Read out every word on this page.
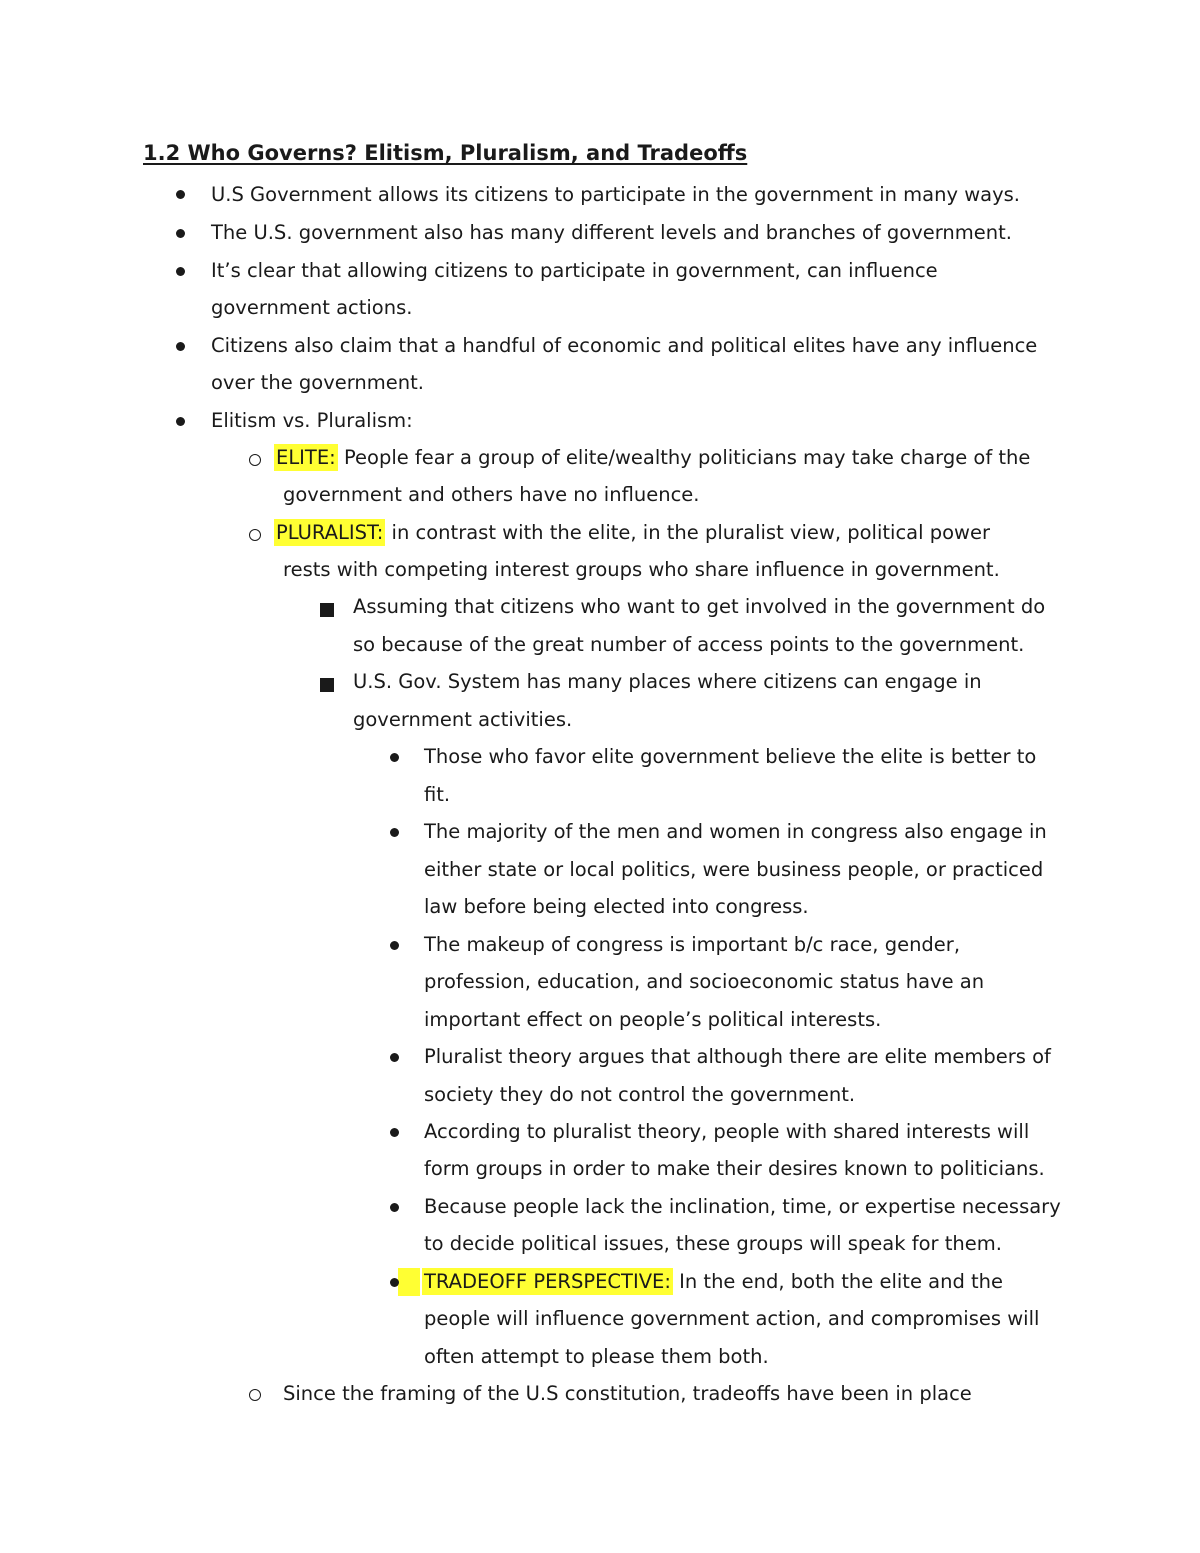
1.2 Who Governs? Elitism, Pluralism, and Tradeoffs
U.S Government allows its citizens to participate in the government in many ways.
The U.S. government also has many different levels and branches of government.
It’s clear that allowing citizens to participate in government, can influence
government actions.
Citizens also claim that a handful of economic and political elites have any influence
over the government.
Elitism vs. Pluralism:
ELITE: People fear a group of elite/wealthy politicians may take charge of the
government and others have no influence.
PLURALIST: in contrast with the elite, in the pluralist view, political power
rests with competing interest groups who share influence in government.
Assuming that citizens who want to get involved in the government do
so because of the great number of access points to the government.
U.S. Gov. System has many places where citizens can engage in
government activities.
Those who favor elite government believe the elite is better to
fit.
The majority of the men and women in congress also engage in
either state or local politics, were business people, or practiced
law before being elected into congress.
The makeup of congress is important b/c race, gender,
profession, education, and socioeconomic status have an
important effect on people’s political interests.
Pluralist theory argues that although there are elite members of
society they do not control the government.
According to pluralist theory, people with shared interests will
form groups in order to make their desires known to politicians.
Because people lack the inclination, time, or expertise necessary
to decide political issues, these groups will speak for them.
TRADEOFF PERSPECTIVE: In the end, both the elite and the
people will influence government action, and compromises will
often attempt to please them both.
Since the framing of the U.S constitution, tradeoffs have been in place
